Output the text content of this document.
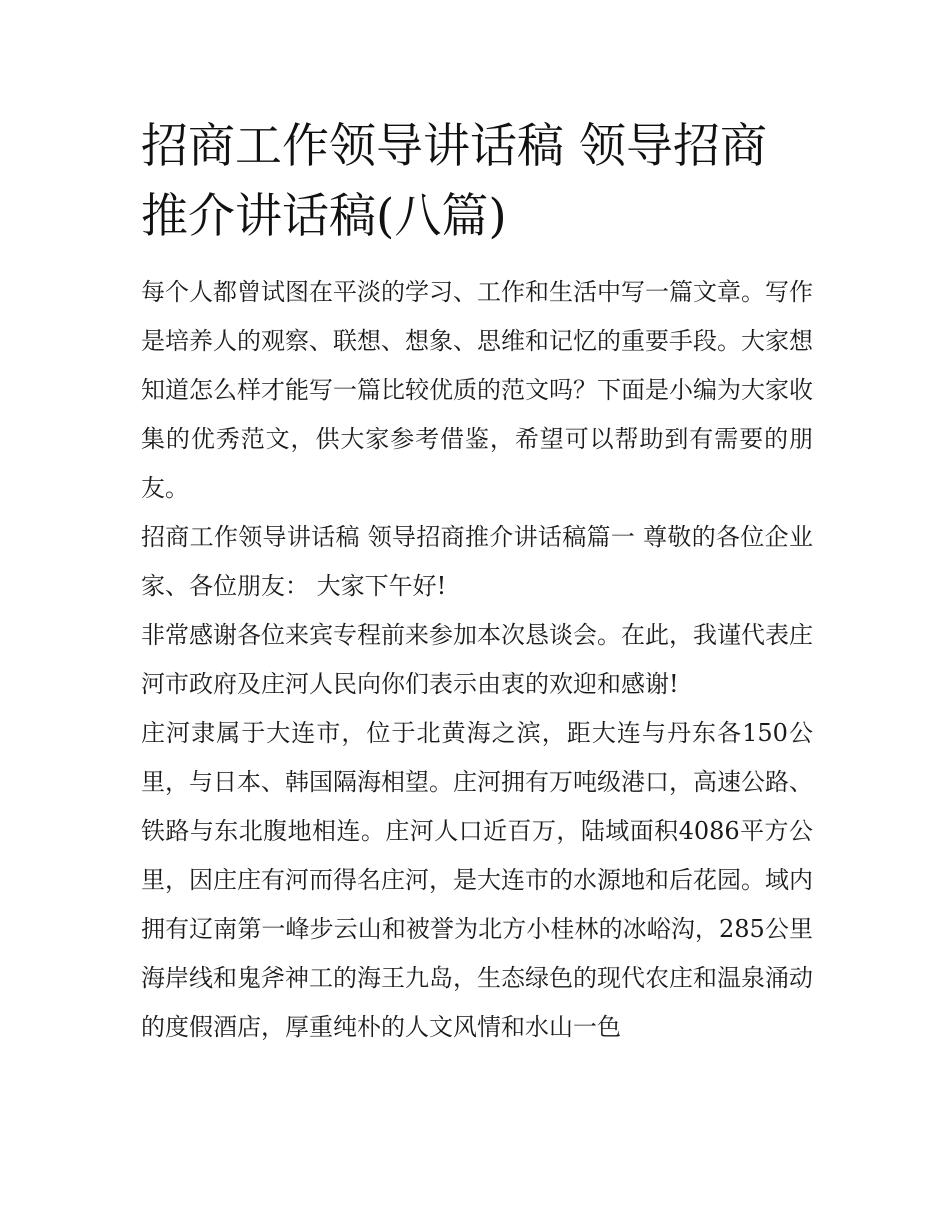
招商工作领导讲话稿 领导招商推介讲话稿(八篇)

每个人都曾试图在平淡的学习、工作和生活中写一篇文章。写作是培养人的观察、联想、想象、思维和记忆的重要手段。大家想知道怎么样才能写一篇比较优质的范文吗？下面是小编为大家收集的优秀范文，供大家参考借鉴，希望可以帮助到有需要的朋友。

招商工作领导讲话稿 领导招商推介讲话稿篇一 尊敬的各位企业家、各位朋友： 大家下午好!

非常感谢各位来宾专程前来参加本次恳谈会。在此，我谨代表庄河市政府及庄河人民向你们表示由衷的欢迎和感谢!

庄河隶属于大连市，位于北黄海之滨，距大连与丹东各150公里，与日本、韩国隔海相望。庄河拥有万吨级港口，高速公路、铁路与东北腹地相连。庄河人口近百万，陆域面积4086平方公里，因庄庄有河而得名庄河，是大连市的水源地和后花园。域内拥有辽南第一峰步云山和被誉为北方小桂林的冰峪沟，285公里海岸线和鬼斧神工的海王九岛，生态绿色的现代农庄和温泉涌动的度假酒店，厚重纯朴的人文风情和水山一色
